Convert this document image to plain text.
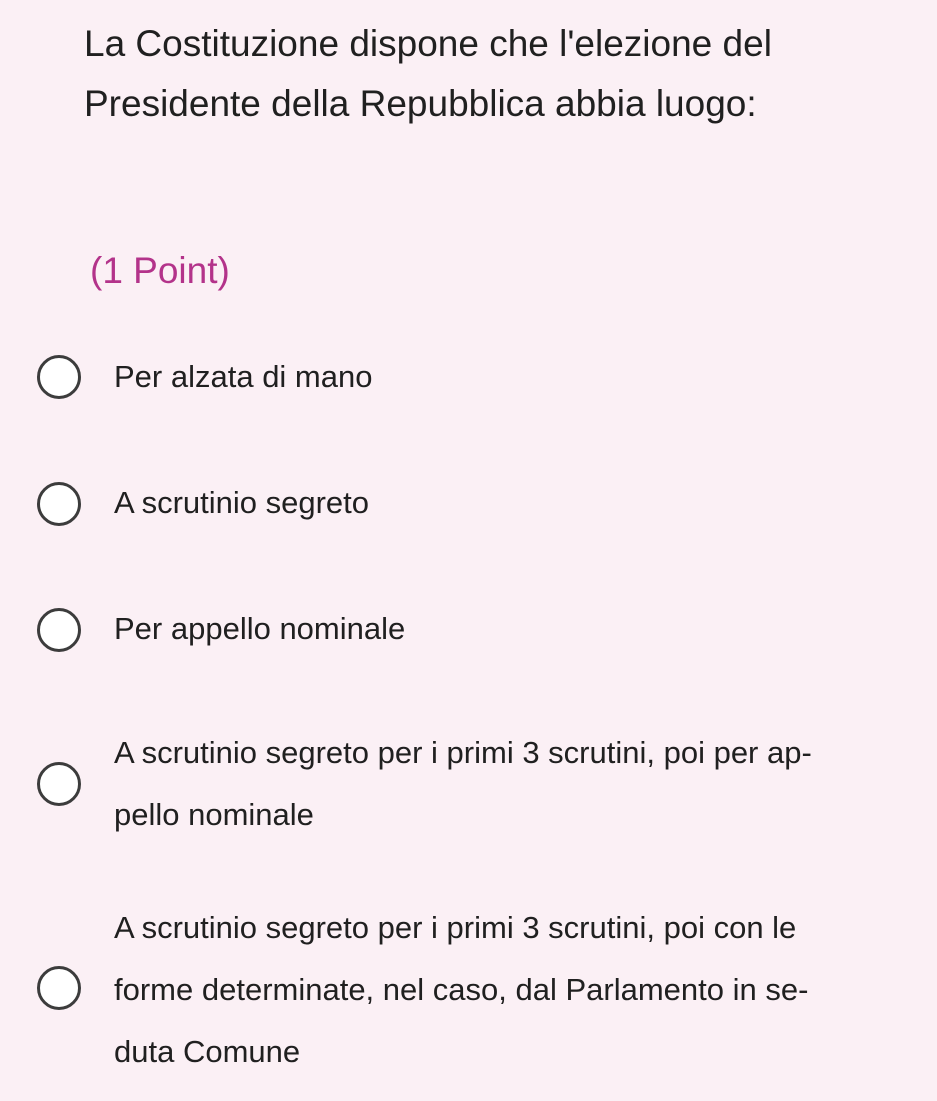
La Costituzione dispone che l'elezione del
Presidente della Repubblica abbia luogo:
(1 Point)
Per alzata di mano
A scrutinio segreto
Per appello nominale
A scrutinio segreto per i primi 3 scrutini, poi per ap-
pello nominale
A scrutinio segreto per i primi 3 scrutini, poi con le
forme determinate, nel caso, dal Parlamento in se-
duta Comune
